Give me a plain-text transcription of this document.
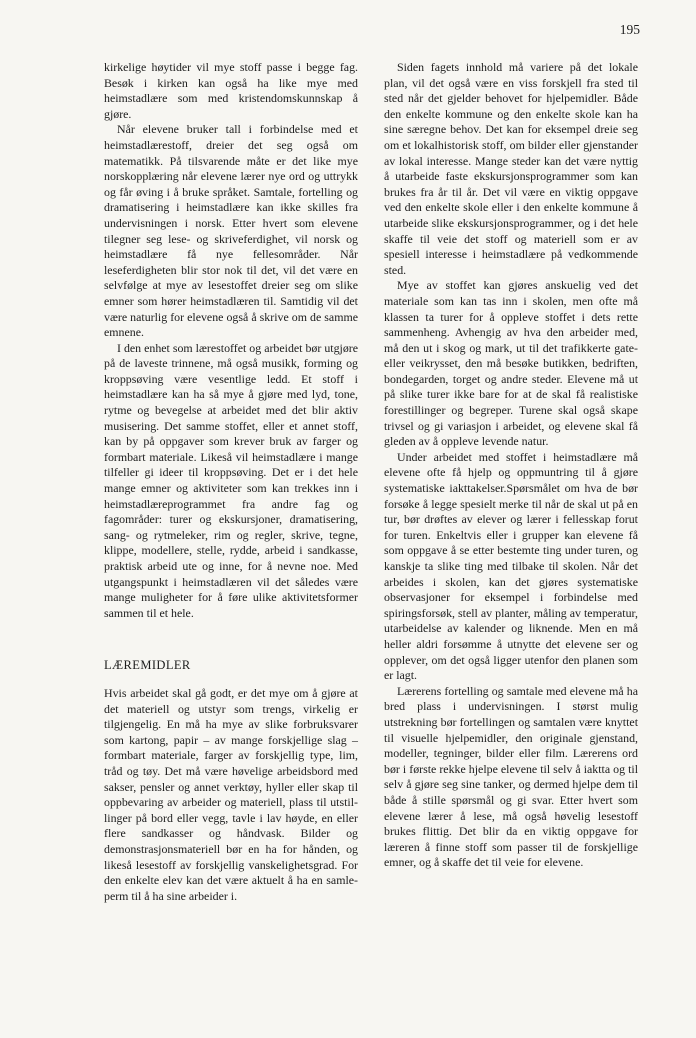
195

kirkelige høytider vil mye stoff passe i begge fag. Besøk i kirken kan også ha like mye med heimstadlære som med kristendomskunnskap å gjøre.

Når elevene bruker tall i forbindelse med et heimstadlærestoff, dreier det seg også om matematikk. På tilsvarende måte er det like mye norskopplæring når elevene lærer nye ord og uttrykk og får øving i å bruke språket. Samtale, fortelling og dramatisering i heimstadlære kan ikke skilles fra undervisningen i norsk. Etter hvert som elevene tilegner seg lese- og skriveferdighet, vil norsk og heimstadlære få nye fellesområder. Når leseferdigheten blir stor nok til det, vil det være en selvfølge at mye av lesestoffet dreier seg om slike emner som hører heimstadlæren til. Samtidig vil det være naturlig for elevene også å skrive om de samme emnene.

I den enhet som lærestoffet og arbeidet bør utgjøre på de laveste trinnene, må også musikk, forming og kroppsøving være vesentlige ledd. Et stoff i heimstadlære kan ha så mye å gjøre med lyd, tone, rytme og bevegelse at arbeidet med det blir aktiv musisering. Det samme stoffet, eller et annet stoff, kan by på oppgaver som krever bruk av farger og formbart materiale. Likeså vil heimstadlære i mange tilfeller gi ideer til kroppsøving. Det er i det hele mange emner og aktiviteter som kan trekkes inn i heimstadlæreprogrammet fra andre fag og fagområder: turer og ekskursjoner, dramatisering, sang- og rytmeleker, rim og regler, skrive, tegne, klippe, modellere, stelle, rydde, arbeid i sandkasse, praktisk arbeid ute og inne, for å nevne noe. Med utgangspunkt i heimstadlæren vil det således være mange muligheter for å føre ulike aktivitetsformer sammen til et hele.

LÆREMIDLER

Hvis arbeidet skal gå godt, er det mye om å gjøre at det materiell og utstyr som trengs, virkelig er tilgjengelig. En må ha mye av slike forbruksvarer som kartong, papir – av mange forskjellige slag – formbart materiale, farger av forskjellig type, lim, tråd og tøy. Det må være høvelige arbeidsbord med sakser, pensler og annet verktøy, hyller eller skap til oppbevaring av arbeider og materiell, plass til utstillinger på bord eller vegg, tavle i lav høyde, en eller flere sandkasser og håndvask. Bilder og demonstrasjonsmateriell bør en ha for hånden, og likeså lesestoff av forskjellig vanskelighetsgrad. For den enkelte elev kan det være aktuelt å ha en samleperm til å ha sine arbeider i.

Siden fagets innhold må variere på det lokale plan, vil det også være en viss forskjell fra sted til sted når det gjelder behovet for hjelpemidler. Både den enkelte kommune og den enkelte skole kan ha sine særegne behov. Det kan for eksempel dreie seg om et lokalhistorisk stoff, om bilder eller gjenstander av lokal interesse. Mange steder kan det være nyttig å utarbeide faste ekskursjonsprogrammer som kan brukes fra år til år. Det vil være en viktig oppgave ved den enkelte skole eller i den enkelte kommune å utarbeide slike ekskursjonsprogrammer, og i det hele skaffe til veie det stoff og materiell som er av spesiell interesse i heimstadlære på vedkommende sted.

Mye av stoffet kan gjøres anskuelig ved det materiale som kan tas inn i skolen, men ofte må klassen ta turer for å oppleve stoffet i dets rette sammenheng. Avhengig av hva den arbeider med, må den ut i skog og mark, ut til det trafikkerte gate- eller veikrysset, den må besøke butikken, bedriften, bondegarden, torget og andre steder. Elevene må ut på slike turer ikke bare for at de skal få realistiske forestillinger og begreper. Turene skal også skape trivsel og gi variasjon i arbeidet, og elevene skal få gleden av å oppleve levende natur.

Under arbeidet med stoffet i heimstadlære må elevene ofte få hjelp og oppmuntring til å gjøre systematiske iakttakelser.Spørsmålet om hva de bør forsøke å legge spesielt merke til når de skal ut på en tur, bør drøftes av elever og lærer i fellesskap forut for turen. Enkeltvis eller i grupper kan elevene få som oppgave å se etter bestemte ting under turen, og kanskje ta slike ting med tilbake til skolen. Når det arbeides i skolen, kan det gjøres systematiske observasjoner for eksempel i forbindelse med spiringsforsøk, stell av planter, måling av temperatur, utarbeidelse av kalender og liknende. Men en må heller aldri forsømme å utnytte det elevene ser og opplever, om det også ligger utenfor den planen som er lagt.

Lærerens fortelling og samtale med elevene må ha bred plass i undervisningen. I størst mulig utstrekning bør fortellingen og samtalen være knyttet til visuelle hjelpemidler, den originale gjenstand, modeller, tegninger, bilder eller film. Lærerens ord bør i første rekke hjelpe elevene til selv å iaktta og til selv å gjøre seg sine tanker, og dermed hjelpe dem til både å stille spørsmål og gi svar. Etter hvert som elevene lærer å lese, må også høvelig lesestoff brukes flittig. Det blir da en viktig oppgave for læreren å finne stoff som passer til de forskjellige emner, og å skaffe det til veie for elevene.
